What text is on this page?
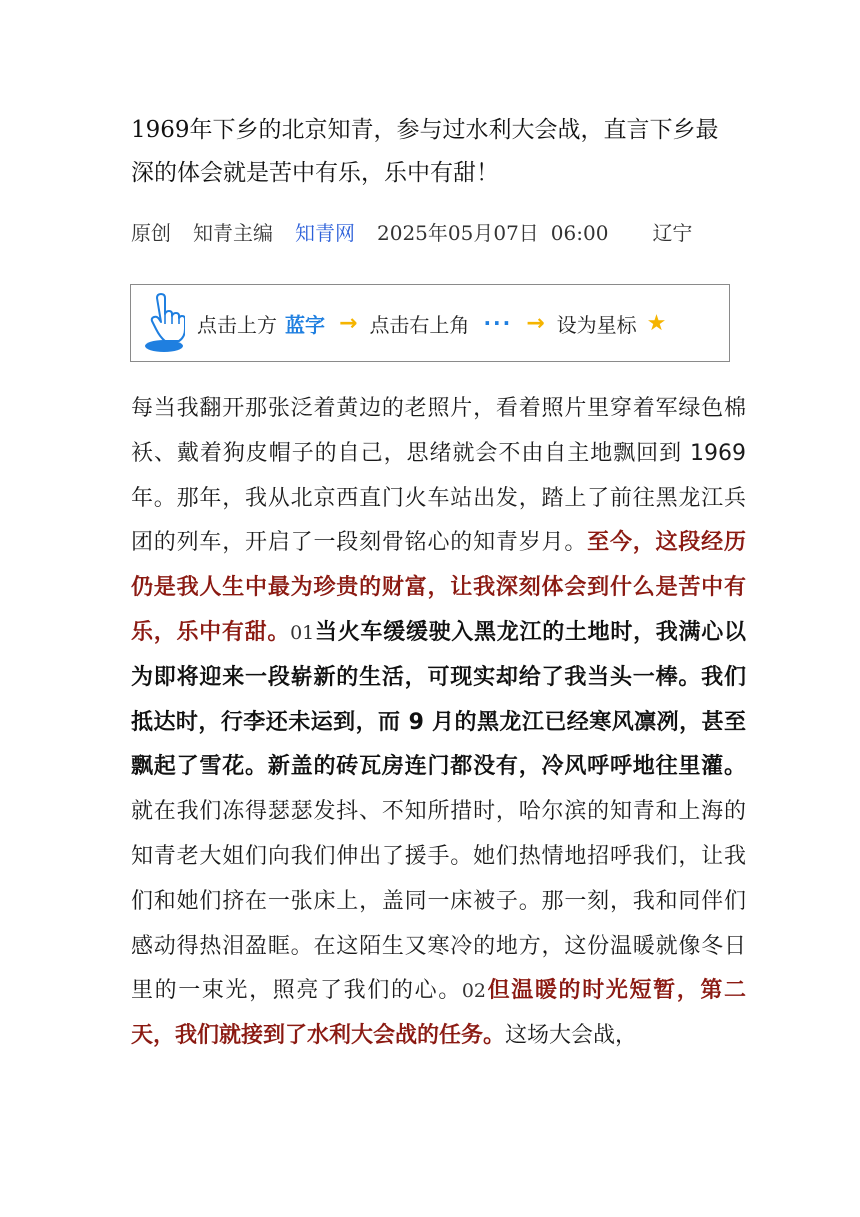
1969年下乡的北京知青，参与过水利大会战，直言下乡最深的体会就是苦中有乐，乐中有甜！
原创 知青主编 知青网 2025年05月07日 06:00 辽宁
点击上方 蓝字 → 点击右上角 ··· → 设为星标 ★

每当我翻开那张泛着黄边的老照片，看着照片里穿着军绿色棉袄、戴着狗皮帽子的自己，思绪就会不由自主地飘回到 1969 年。那年，我从北京西直门火车站出发，踏上了前往黑龙江兵团的列车，开启了一段刻骨铭心的知青岁月。至今，这段经历仍是我人生中最为珍贵的财富，让我深刻体会到什么是苦中有乐，乐中有甜。01当火车缓缓驶入黑龙江的土地时，我满心以为即将迎来一段崭新的生活，可现实却给了我当头一棒。我们抵达时，行李还未运到，而 9 月的黑龙江已经寒风凛冽，甚至飘起了雪花。新盖的砖瓦房连门都没有，冷风呼呼地往里灌。就在我们冻得瑟瑟发抖、不知所措时，哈尔滨的知青和上海的知青老大姐们向我们伸出了援手。她们热情地招呼我们，让我们和她们挤在一张床上，盖同一床被子。那一刻，我和同伴们感动得热泪盈眶。在这陌生又寒冷的地方，这份温暖就像冬日里的一束光，照亮了我们的心。02但温暖的时光短暂，第二天，我们就接到了水利大会战的任务。这场大会战，
